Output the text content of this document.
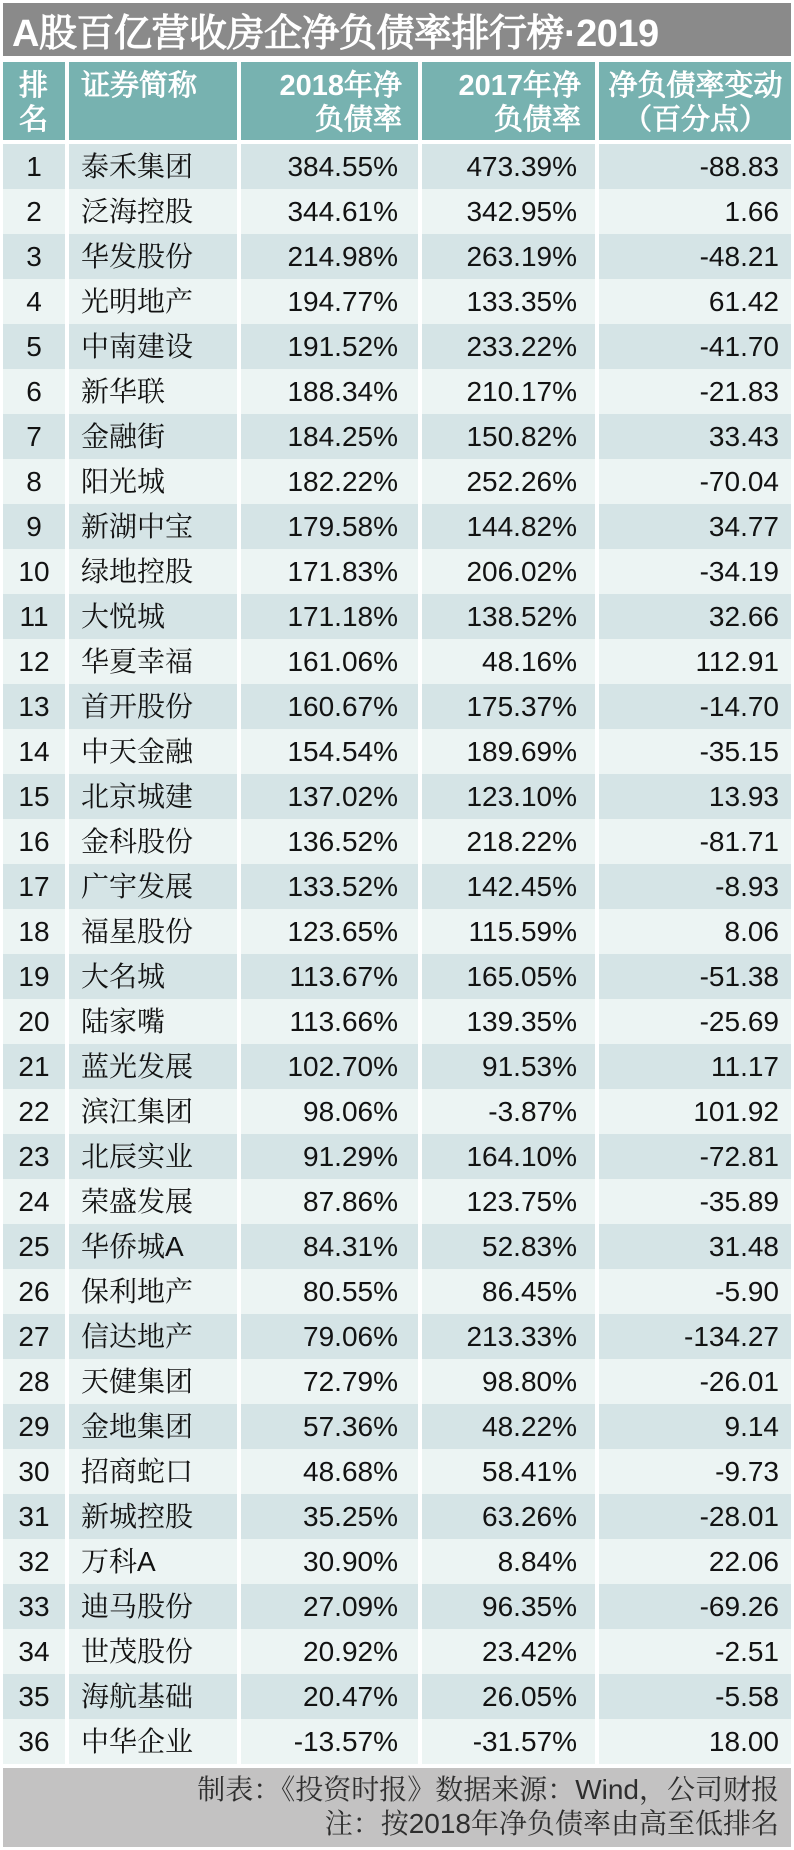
A股百亿营收房企净负债率排行榜·2019
排
名	证券简称	2018年净
负债率	2017年净
负债率	净负债率变动
（百分点）
1	泰禾集团	384.55%	473.39%	-88.83
2	泛海控股	344.61%	342.95%	1.66
3	华发股份	214.98%	263.19%	-48.21
4	光明地产	194.77%	133.35%	61.42
5	中南建设	191.52%	233.22%	-41.70
6	新华联	188.34%	210.17%	-21.83
7	金融街	184.25%	150.82%	33.43
8	阳光城	182.22%	252.26%	-70.04
9	新湖中宝	179.58%	144.82%	34.77
10	绿地控股	171.83%	206.02%	-34.19
11	大悦城	171.18%	138.52%	32.66
12	华夏幸福	161.06%	48.16%	112.91
13	首开股份	160.67%	175.37%	-14.70
14	中天金融	154.54%	189.69%	-35.15
15	北京城建	137.02%	123.10%	13.93
16	金科股份	136.52%	218.22%	-81.71
17	广宇发展	133.52%	142.45%	-8.93
18	福星股份	123.65%	115.59%	8.06
19	大名城	113.67%	165.05%	-51.38
20	陆家嘴	113.66%	139.35%	-25.69
21	蓝光发展	102.70%	91.53%	11.17
22	滨江集团	98.06%	-3.87%	101.92
23	北辰实业	91.29%	164.10%	-72.81
24	荣盛发展	87.86%	123.75%	-35.89
25	华侨城A	84.31%	52.83%	31.48
26	保利地产	80.55%	86.45%	-5.90
27	信达地产	79.06%	213.33%	-134.27
28	天健集团	72.79%	98.80%	-26.01
29	金地集团	57.36%	48.22%	9.14
30	招商蛇口	48.68%	58.41%	-9.73
31	新城控股	35.25%	63.26%	-28.01
32	万科A	30.90%	8.84%	22.06
33	迪马股份	27.09%	96.35%	-69.26
34	世茂股份	20.92%	23.42%	-2.51
35	海航基础	20.47%	26.05%	-5.58
36	中华企业	-13.57%	-31.57%	18.00
制表：《投资时报》数据来源：Wind，公司财报
注：按2018年净负债率由高至低排名
